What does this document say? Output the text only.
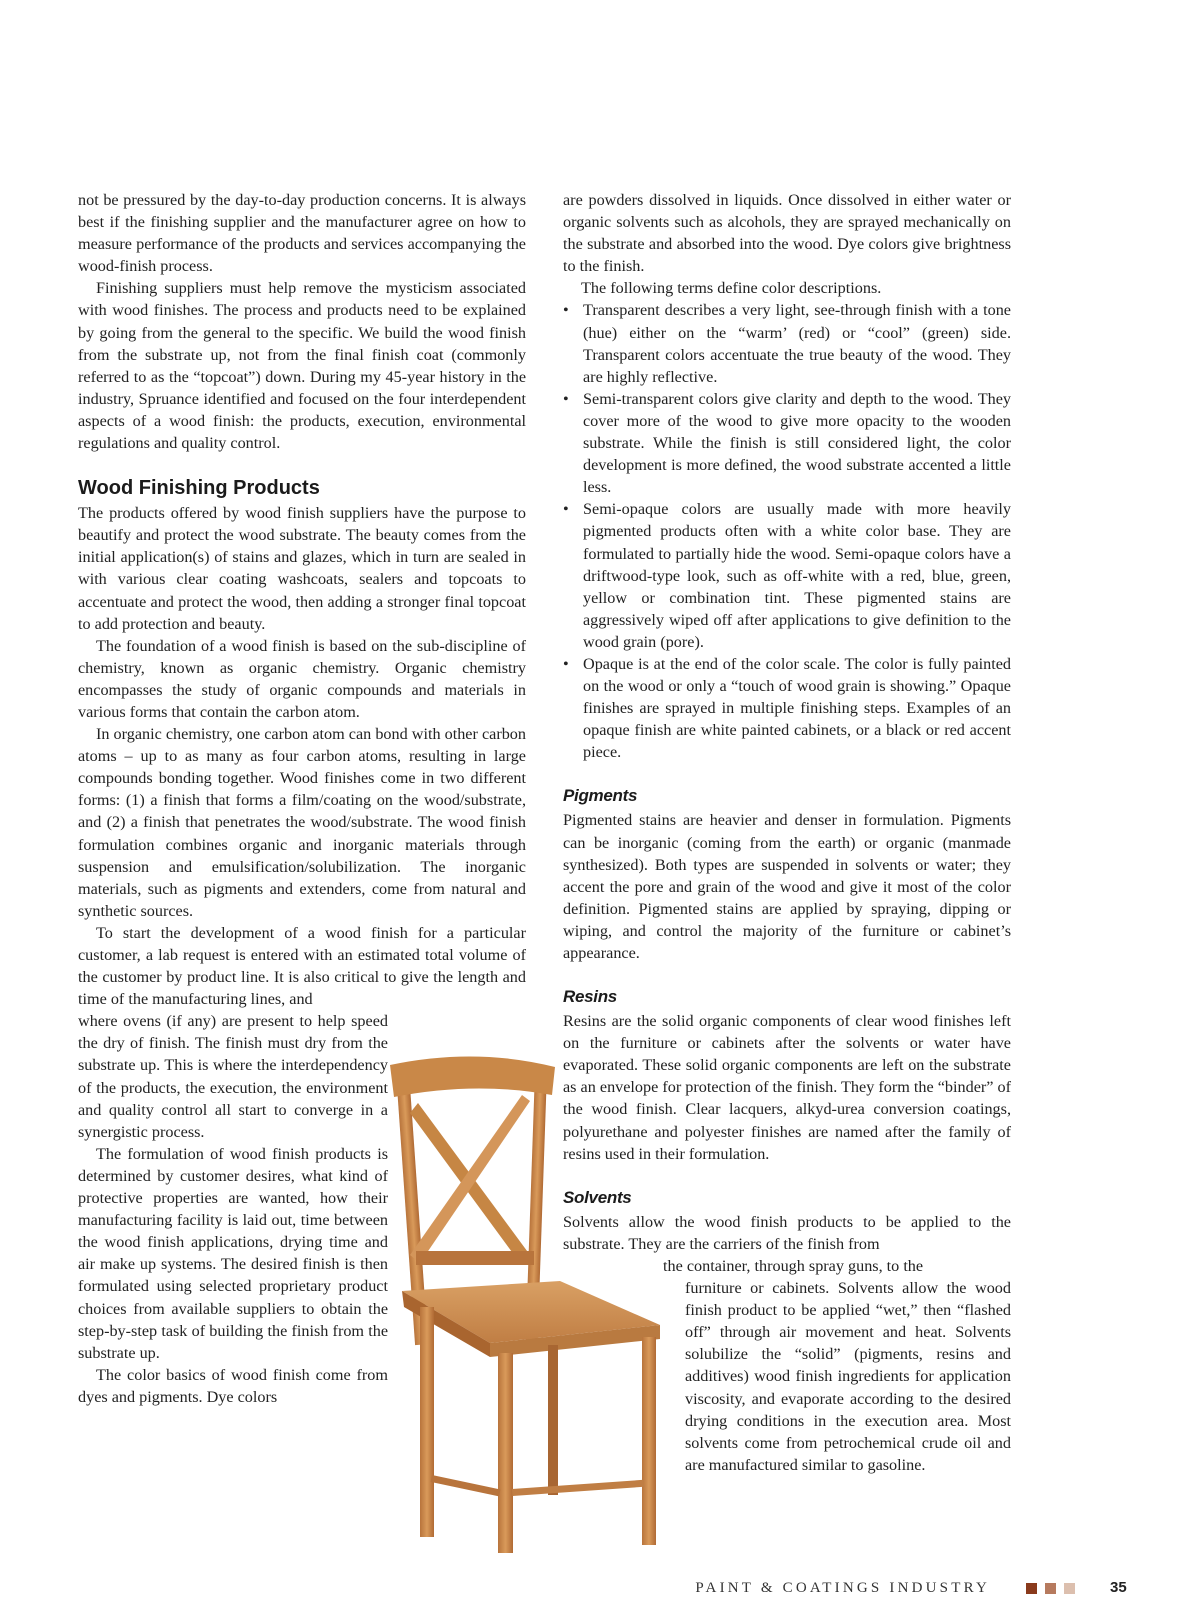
not be pressured by the day-to-day production concerns. It is always best if the finishing supplier and the manufacturer agree on how to measure performance of the products and services accompanying the wood-finish process.

Finishing suppliers must help remove the mysticism associated with wood finishes. The process and products need to be explained by going from the general to the specific. We build the wood finish from the substrate up, not from the final finish coat (commonly referred to as the “topcoat”) down. During my 45-year history in the industry, Spruance identified and focused on the four interdependent aspects of a wood finish: the products, execution, environmental regulations and quality control.

Wood Finishing Products

The products offered by wood finish suppliers have the purpose to beautify and protect the wood substrate. The beauty comes from the initial application(s) of stains and glazes, which in turn are sealed in with various clear coating washcoats, sealers and topcoats to accentuate and protect the wood, then adding a stronger final topcoat to add protection and beauty.

The foundation of a wood finish is based on the sub-discipline of chemistry, known as organic chemistry. Organic chemistry encompasses the study of organic compounds and materials in various forms that contain the carbon atom.

In organic chemistry, one carbon atom can bond with other carbon atoms – up to as many as four carbon atoms, resulting in large compounds bonding together. Wood finishes come in two different forms: (1) a finish that forms a film/coating on the wood/substrate, and (2) a finish that penetrates the wood/substrate. The wood finish formulation combines organic and inorganic materials through suspension and emulsification/solubilization. The inorganic materials, such as pigments and extenders, come from natural and synthetic sources.

To start the development of a wood finish for a particular customer, a lab request is entered with an estimated total volume of the customer by product line. It is also critical to give the length and time of the manufacturing lines, and

where ovens (if any) are present to help speed the dry of finish. The finish must dry from the substrate up. This is where the interdependency of the products, the execution, the environment and quality control all start to converge in a synergistic process.

The formulation of wood finish products is determined by customer desires, what kind of protective properties are wanted, how their manufacturing facility is laid out, time between the wood finish applications, drying time and air make up systems. The desired finish is then formulated using selected proprietary product choices from available suppliers to obtain the step-by-step task of building the finish from the substrate up.

The color basics of wood finish come from dyes and pigments. Dye colors

are powders dissolved in liquids. Once dissolved in either water or organic solvents such as alcohols, they are sprayed mechanically on the substrate and absorbed into the wood. Dye colors give brightness to the finish.

The following terms define color descriptions.

• Transparent describes a very light, see-through finish with a tone (hue) either on the “warm’ (red) or “cool” (green) side. Transparent colors accentuate the true beauty of the wood. They are highly reflective.
• Semi-transparent colors give clarity and depth to the wood. They cover more of the wood to give more opacity to the wooden substrate. While the finish is still considered light, the color development is more defined, the wood substrate accented a little less.
• Semi-opaque colors are usually made with more heavily pigmented products often with a white color base. They are formulated to partially hide the wood. Semi-opaque colors have a driftwood-type look, such as off-white with a red, blue, green, yellow or combination tint. These pigmented stains are aggressively wiped off after applications to give definition to the wood grain (pore).
• Opaque is at the end of the color scale. The color is fully painted on the wood or only a “touch of wood grain is showing.” Opaque finishes are sprayed in multiple finishing steps. Examples of an opaque finish are white painted cabinets, or a black or red accent piece.
Pigments

Pigmented stains are heavier and denser in formulation. Pigments can be inorganic (coming from the earth) or organic (manmade synthesized). Both types are suspended in solvents or water; they accent the pore and grain of the wood and give it most of the color definition. Pigmented stains are applied by spraying, dipping or wiping, and control the majority of the furniture or cabinet’s appearance.

Resins

Resins are the solid organic components of clear wood finishes left on the furniture or cabinets after the solvents or water have evaporated. These solid organic components are left on the substrate as an envelope for protection of the finish. They form the “binder” of the wood finish. Clear lacquers, alkyd-urea conversion coatings, polyurethane and polyester finishes are named after the family of resins used in their formulation.

Solvents

Solvents allow the wood finish products to be applied to the substrate. They are the carriers of the finish from

the container, through spray guns, to the

furniture or cabinets. Solvents allow the wood finish product to be applied “wet,” then “flashed off” through air movement and heat. Solvents solubilize the “solid” (pigments, resins and additives) wood finish ingredients for application viscosity, and evaporate according to the desired drying conditions in the execution area. Most solvents come from petrochemical crude oil and are manufactured similar to gasoline.

PAINT & COATINGS INDUSTRY	35
